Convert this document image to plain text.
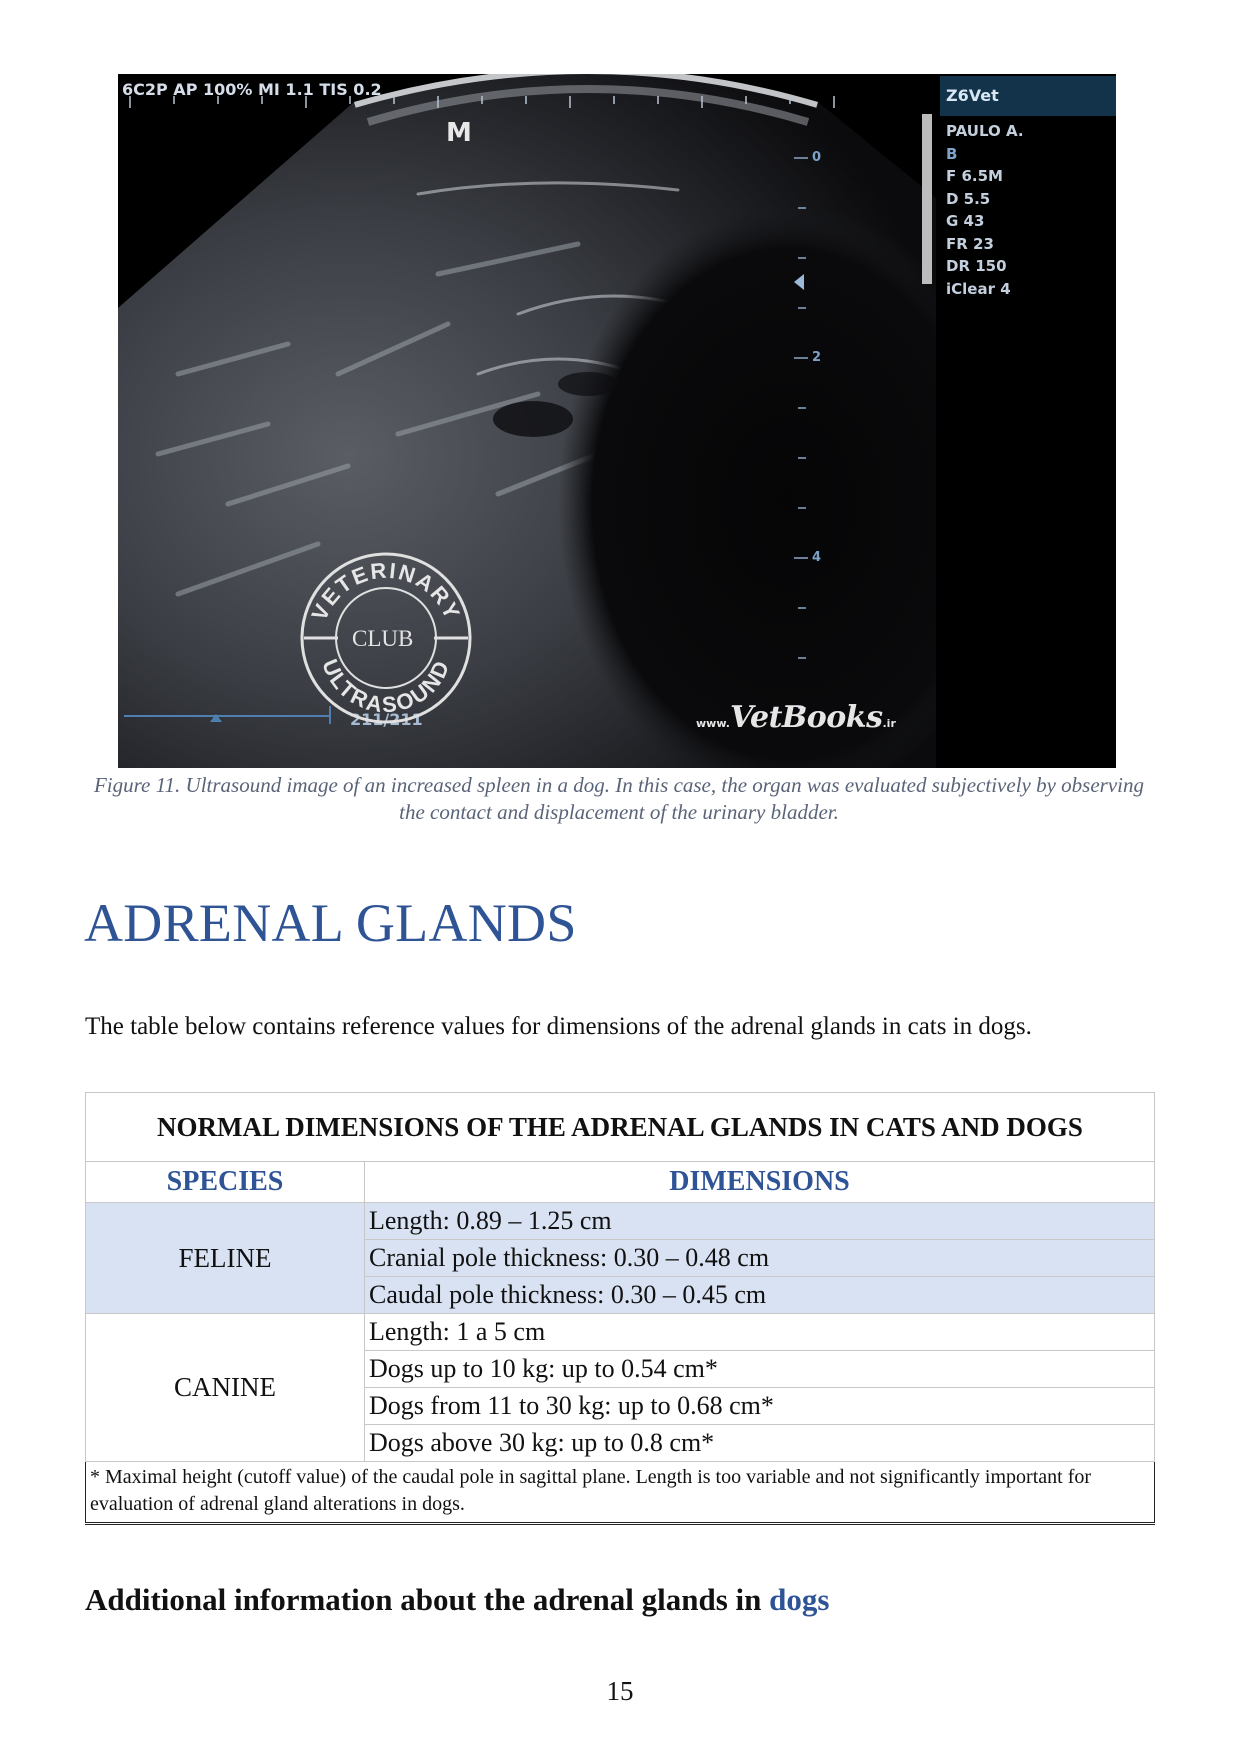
6C2P AP 100% MI 1.1 TIS 0.2
M
Z6Vet
PAULO A.
B
F 6.5M
D 5.5
G 43
FR 23
DR 150
iClear 4
0
2
4
211/211
VETERINARY
ULTRASOUND
CLUB
www.VetBooks.ir
Figure 11. Ultrasound image of an increased spleen in a dog. In this case, the organ was evaluated subjectively by observing the contact and displacement of the urinary bladder.
ADRENAL GLANDS

The table below contains reference values for dimensions of the adrenal glands in cats in dogs.

NORMAL DIMENSIONS OF THE ADRENAL GLANDS IN CATS AND DOGS	
SPECIES	DIMENSIONS
FELINE	Length: 0.89 – 1.25 cm
	Cranial pole thickness: 0.30 – 0.48 cm
	Caudal pole thickness: 0.30 – 0.45 cm
CANINE	Length: 1 a 5 cm
	Dogs up to 10 kg: up to 0.54 cm*
	Dogs from 11 to 30 kg: up to 0.68 cm*
	Dogs above 30 kg: up to 0.8 cm*
* Maximal height (cutoff value) of the caudal pole in sagittal plane. Length is too variable and not significantly important for evaluation of adrenal gland alterations in dogs.	
Additional information about the adrenal glands in dogs
15
